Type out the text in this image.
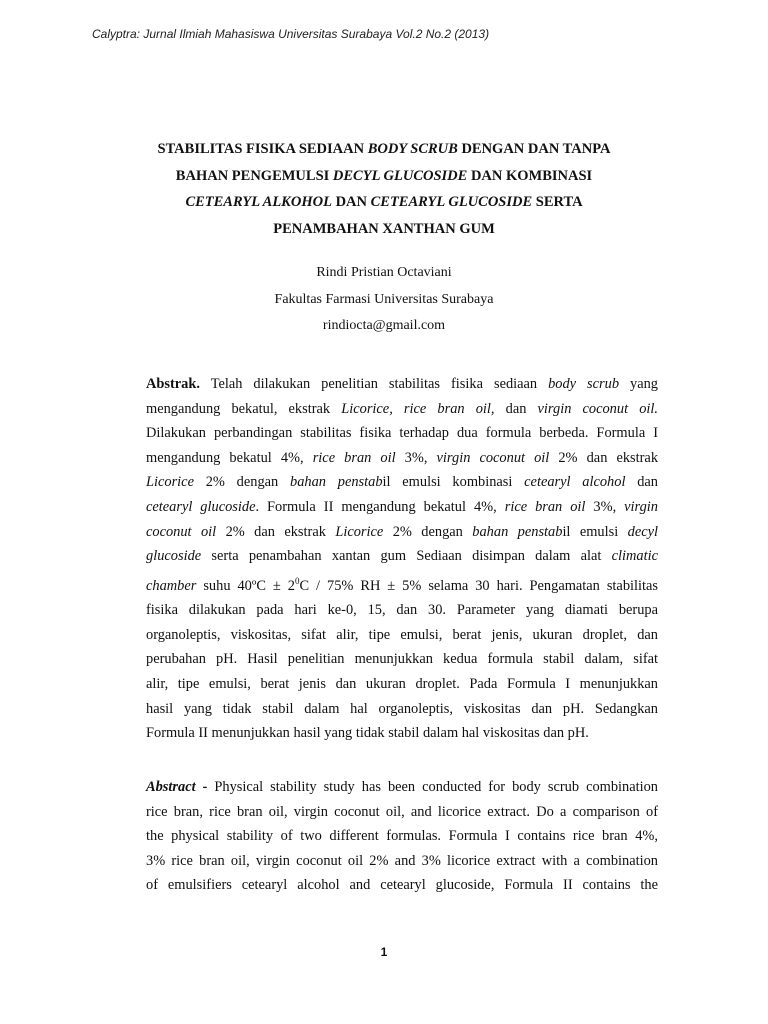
Calyptra: Jurnal Ilmiah Mahasiswa Universitas Surabaya Vol.2 No.2 (2013)
STABILITAS FISIKA SEDIAAN BODY SCRUB DENGAN DAN TANPA
BAHAN PENGEMULSI DECYL GLUCOSIDE DAN KOMBINASI
CETEARYL ALKOHOL DAN CETEARYL GLUCOSIDE SERTA
PENAMBAHAN XANTHAN GUM
Rindi Pristian Octaviani
Fakultas Farmasi Universitas Surabaya
rindiocta@gmail.com

Abstrak. Telah dilakukan penelitian stabilitas fisika sediaan body scrub yang
mengandung bekatul, ekstrak Licorice, rice bran oil, dan virgin coconut oil.
Dilakukan perbandingan stabilitas fisika terhadap dua formula berbeda. Formula I
mengandung bekatul 4%, rice bran oil 3%, virgin coconut oil 2% dan ekstrak
Licorice 2% dengan bahan penstabil emulsi kombinasi cetearyl alcohol dan
cetearyl glucoside. Formula II mengandung bekatul 4%, rice bran oil 3%, virgin
coconut oil 2% dan ekstrak Licorice 2% dengan bahan penstabil emulsi decyl
glucoside serta penambahan xantan gum Sediaan disimpan dalam alat climatic
chamber suhu 40ºC ± $2^0C / 75\%$ RH ± 5% selama 30 hari. Pengamatan stabilitas
fisika dilakukan pada hari ke-0, 15, dan 30. Parameter yang diamati berupa
organoleptis, viskositas, sifat alir, tipe emulsi, berat jenis, ukuran droplet, dan
perubahan pH. Hasil penelitian menunjukkan kedua formula stabil dalam, sifat
alir, tipe emulsi, berat jenis dan ukuran droplet. Pada Formula I menunjukkan
hasil yang tidak stabil dalam hal organoleptis, viskositas dan pH. Sedangkan
Formula II menunjukkan hasil yang tidak stabil dalam hal viskositas dan pH.

Abstract - Physical stability study has been conducted for body scrub combination
rice bran, rice bran oil, virgin coconut oil, and licorice extract. Do a comparison of
the physical stability of two different formulas. Formula I contains rice bran 4%,
3% rice bran oil, virgin coconut oil 2% and 3% licorice extract with a combination
of emulsifiers cetearyl alcohol and cetearyl glucoside, Formula II contains the

1
